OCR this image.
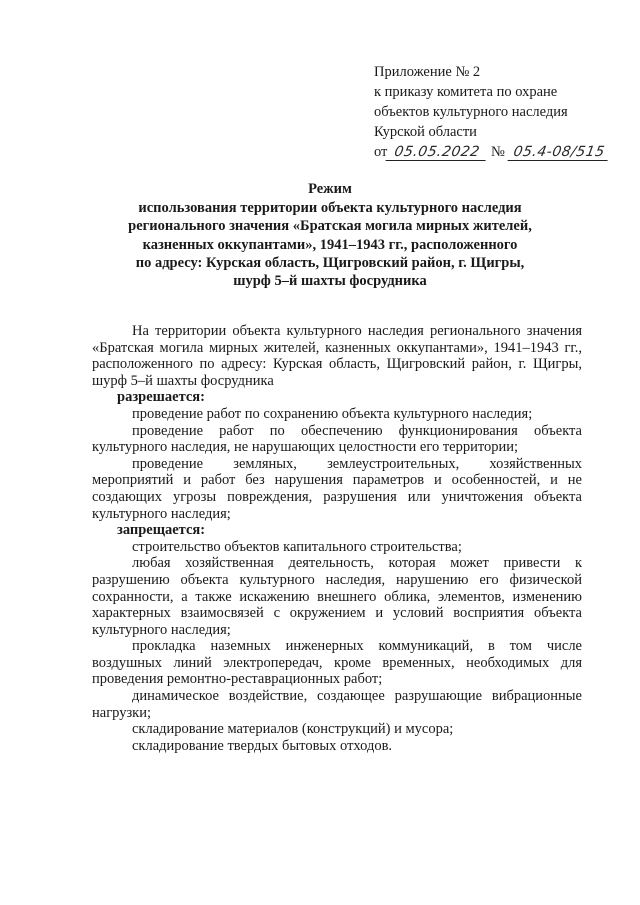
Приложение № 2
к приказу комитета по охране
объектов культурного наследия
Курской области
от 05.05.2022 № 05.4-08/515
Режим
использования территории объекта культурного наследия
регионального значения «Братская могила мирных жителей,
казненных оккупантами», 1941–1943 гг., расположенного
по адресу: Курская область, Щигровский район, г. Щигры,
шурф 5–й шахты фосрудника

На территории объекта культурного наследия регионального значения «Братская могила мирных жителей, казненных оккупантами», 1941–1943 гг., расположенного по адресу: Курская область, Щигровский район, г. Щигры, шурф 5–й шахты фосрудника

разрешается:

проведение работ по сохранению объекта культурного наследия;

проведение работ по обеспечению функционирования объекта культурного наследия, не нарушающих целостности его территории;

проведение земляных, землеустроительных, хозяйственных мероприятий и работ без нарушения параметров и особенностей, и не создающих угрозы повреждения, разрушения или уничтожения объекта культурного наследия;

запрещается:

строительство объектов капитального строительства;

любая хозяйственная деятельность, которая может привести к разрушению объекта культурного наследия, нарушению его физической сохранности, а также искажению внешнего облика, элементов, изменению характерных взаимосвязей с окружением и условий восприятия объекта культурного наследия;

прокладка наземных инженерных коммуникаций, в том числе воздушных линий электропередач, кроме временных, необходимых для проведения ремонтно-реставрационных работ;

динамическое воздействие, создающее разрушающие вибрационные нагрузки;

складирование материалов (конструкций) и мусора;

складирование твердых бытовых отходов.
